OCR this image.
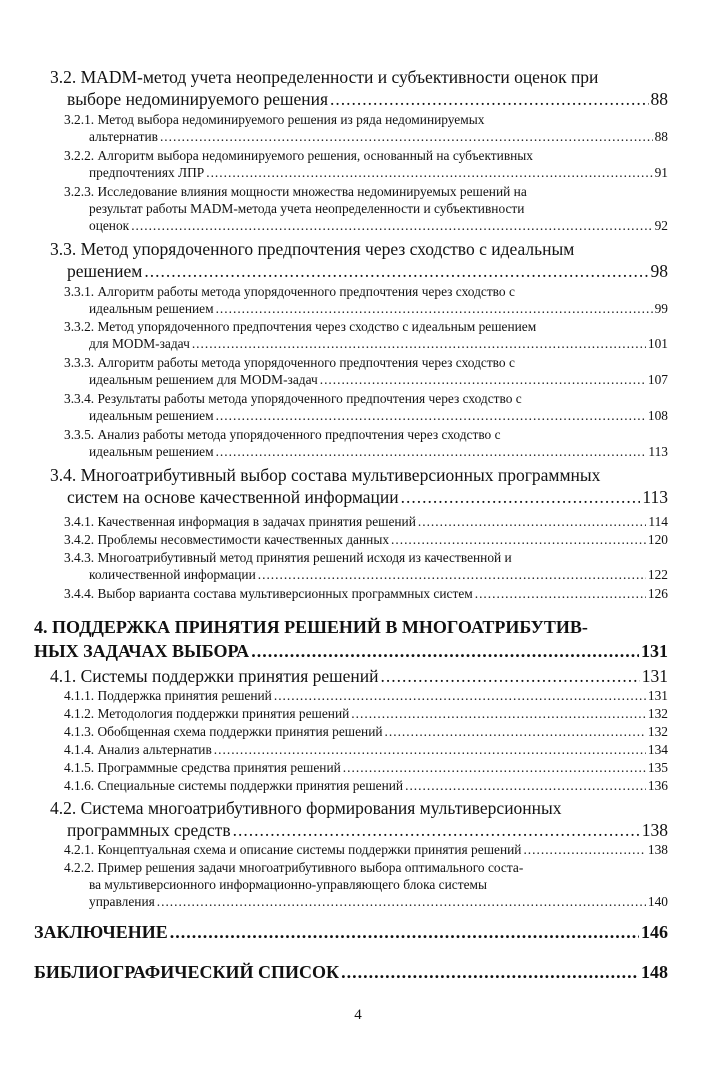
3.2. MADM-метод учета неопределенности и субъективности оценок при
выбоpе недоминируемого решения .....	88
3.2.1. Метод выбора недоминируемого решения из ряда недоминируемых
альтернатив .....	88
3.2.2. Алгоритм выбора недоминируемого решения, основанный на субъективных
предпочтениях ЛПР .....	91
3.2.3. Исследование влияния мощности множества недоминируемых решений на
результат работы MADM-метода учета неопределенности и субъективности
оценок .....	92
3.3. Метод упорядоченного предпочтения через сходство с идеальным
решением .....	98
3.3.1. Алгоритм работы метода упорядоченного предпочтения через сходство с
идеальным решением .....	99
3.3.2. Метод упорядоченного предпочтения через сходство с идеальным решением
для MODM-задач .....	101
3.3.3. Алгоритм работы метода упорядоченного предпочтения через сходство с
идеальным решением для MODM-задач .....	107
3.3.4. Результаты работы метода упорядоченного предпочтения через сходство с
идеальным решением .....	108
3.3.5. Анализ работы метода упорядоченного предпочтения через сходство с
идеальным решением .....	113
3.4. Многоатрибутивный выбор состава мультиверсионных программных
систем на основе качественной информации .....	113
3.4.1. Качественная информация в задачах принятия решений .....	114
3.4.2. Проблемы несовместимости качественных данных .....	120
3.4.3. Многоатрибутивный метод принятия решений исходя из качественной и
количественной информации .....	122
3.4.4. Выбор варианта состава мультиверсионных программных систем .....	126
4. ПОДДЕРЖКА ПРИНЯТИЯ РЕШЕНИЙ В МНОГОАТРИБУТИВ-
НЫХ ЗАДАЧАХ ВЫБОРА .....	131
4.1. Системы поддержки принятия решений .....	131
4.1.1. Поддержка принятия решений .....	131
4.1.2. Методология поддержки принятия решений .....	132
4.1.3. Обобщенная схема поддержки принятия решений .....	132
4.1.4. Анализ альтернатив .....	134
4.1.5. Программные средства принятия решений .....	135
4.1.6. Специальные системы поддержки принятия решений .....	136
4.2. Система многоатрибутивного формирования мультиверсионных
программных средств .....	138
4.2.1. Концептуальная схема и описание системы поддержки принятия решений .....	138
4.2.2. Пример решения задачи многоатрибутивного выбора оптимального соста-
ва мультиверсионного информационно-управляющего блока системы
управления .....	140
ЗАКЛЮЧЕНИЕ .....	146
БИБЛИОГРАФИЧЕСКИЙ СПИСОК .....	148
4
